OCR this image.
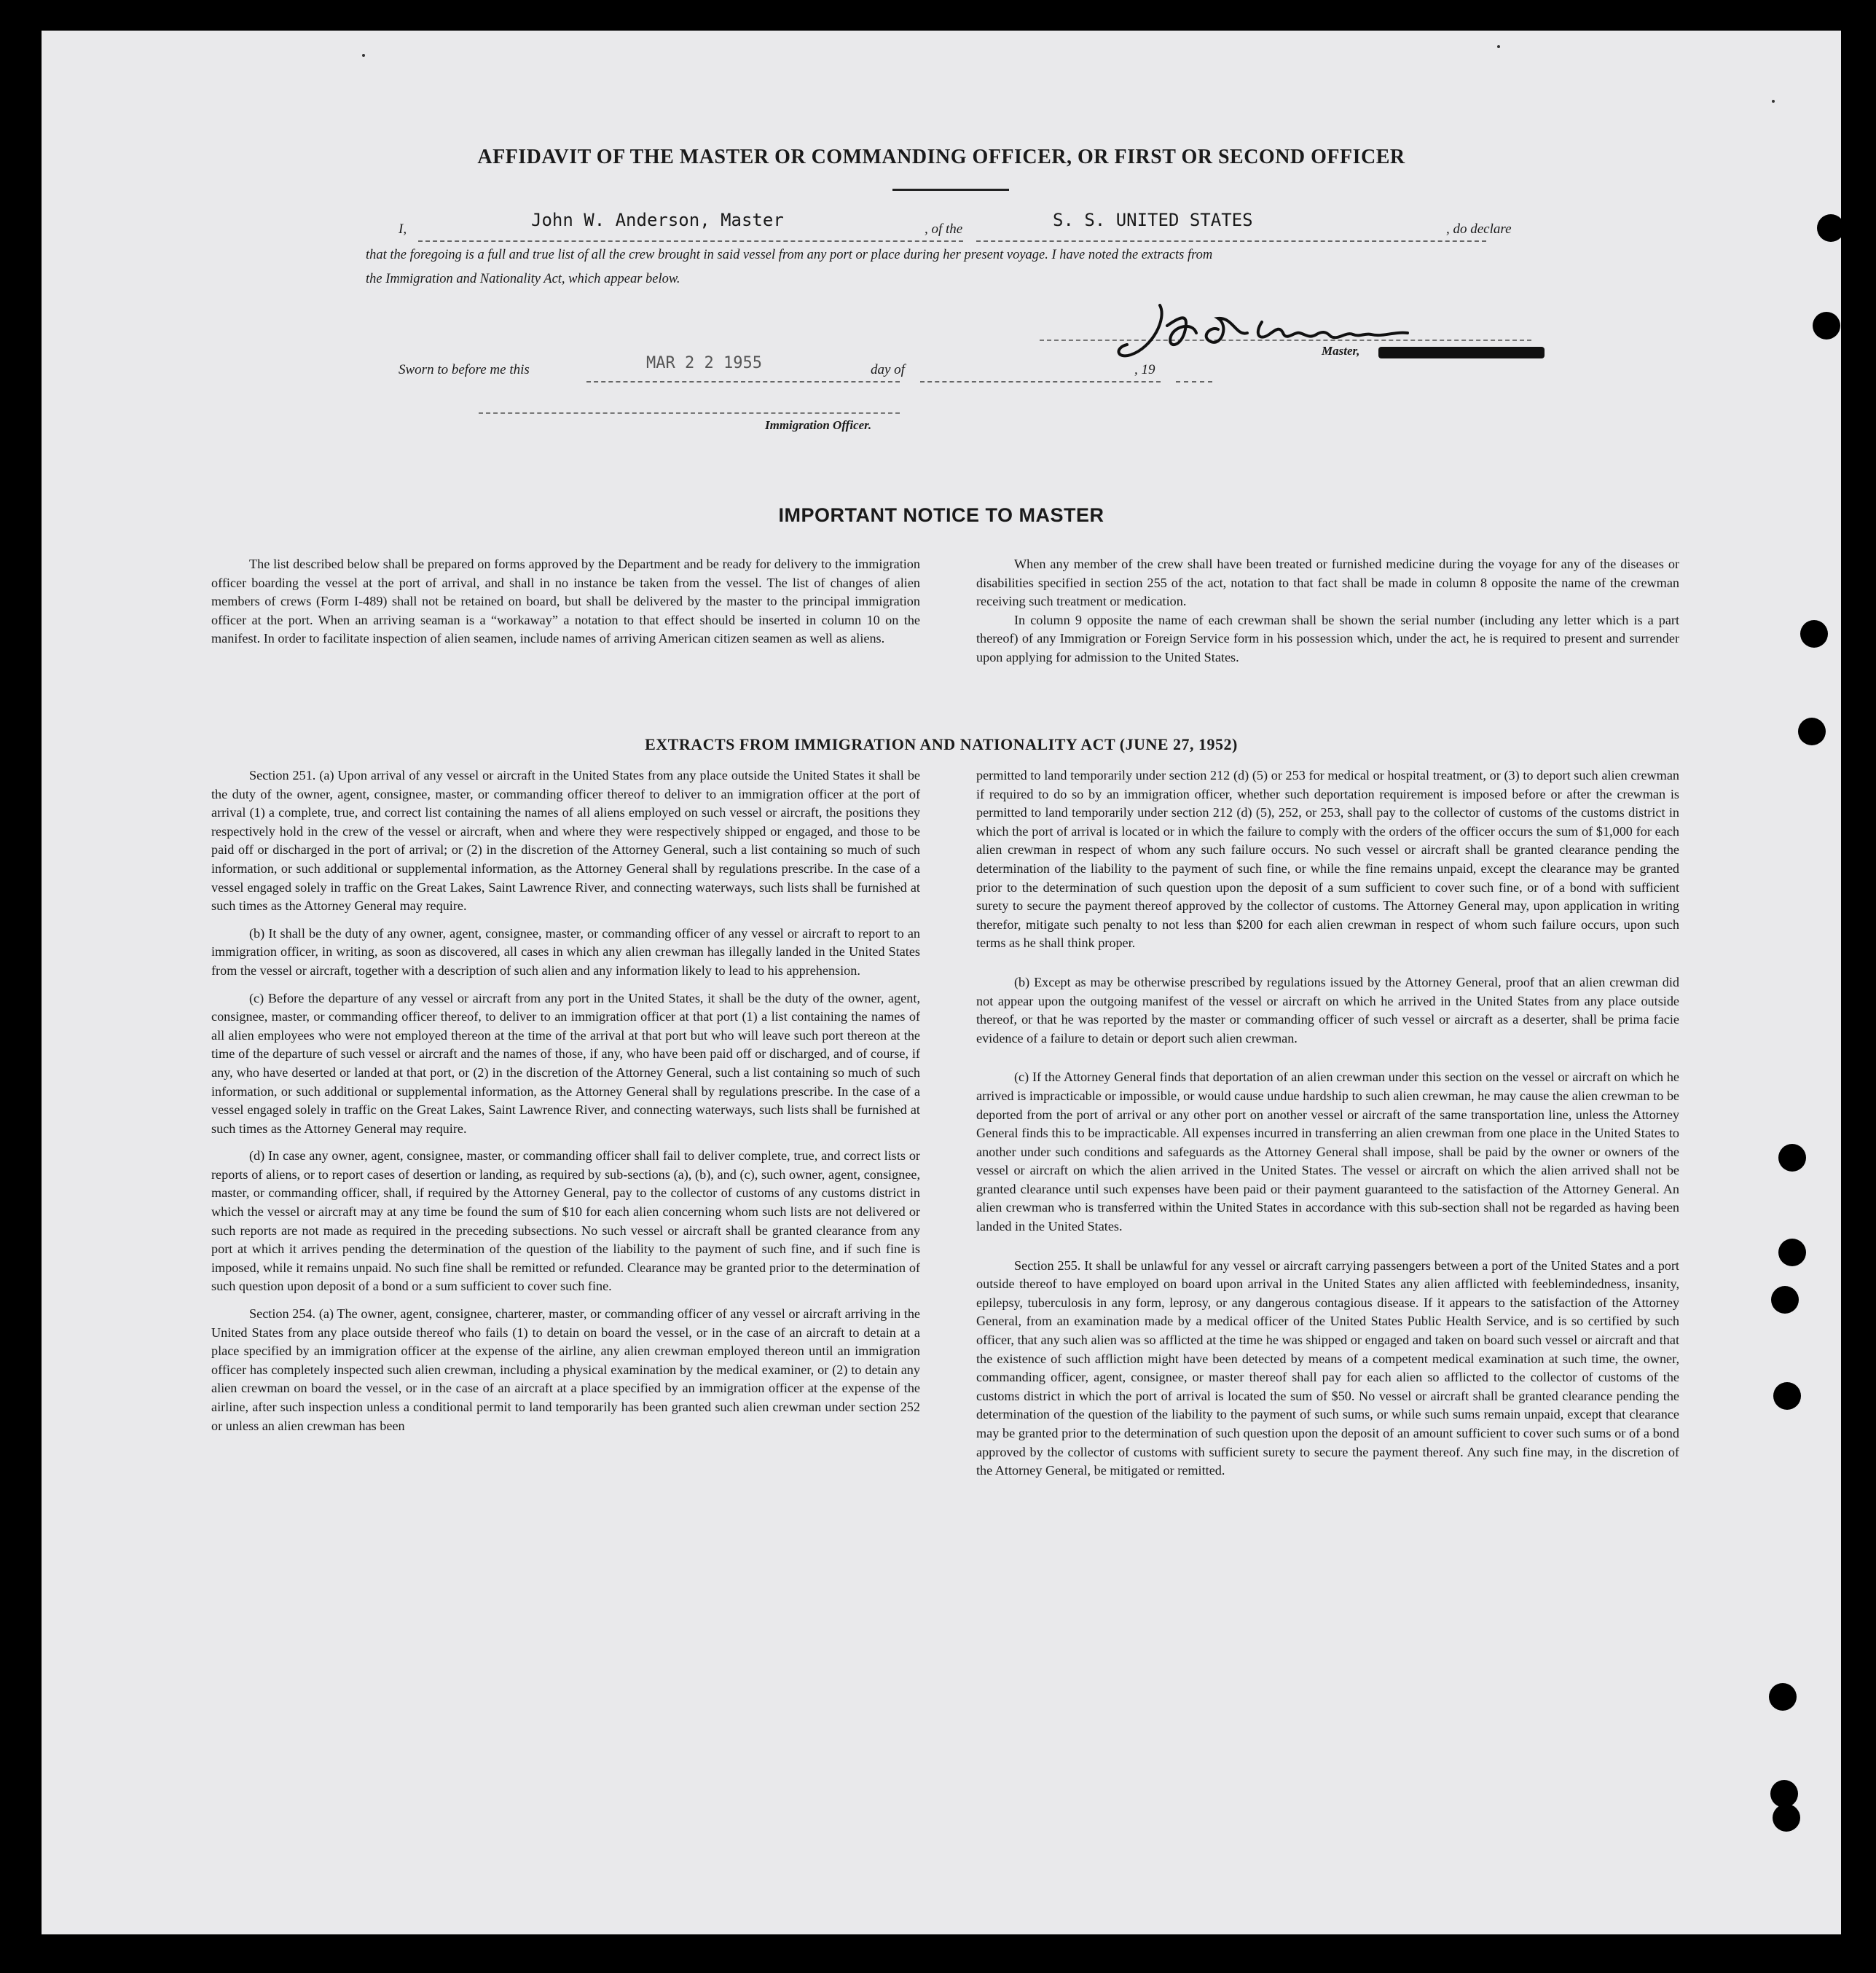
AFFIDAVIT OF THE MASTER OR COMMANDING OFFICER, OR FIRST OR SECOND OFFICER
I,	John W. Anderson, Master	, of the	S. S. UNITED STATES	, do declare
that the foregoing is a full and true list of all the crew brought in said vessel from any port or place during her present voyage. I have noted the extracts from
the Immigration and Nationality Act, which appear below.
Master,
Sworn to before me this	MAR 2 2 1955	day of	, 19
Immigration Officer.
IMPORTANT NOTICE TO MASTER

The list described below shall be prepared on forms approved by the Department and be ready for delivery to the immigration officer boarding the vessel at the port of arrival, and shall in no instance be taken from the vessel. The list of changes of alien members of crews (Form I-489) shall not be retained on board, but shall be delivered by the master to the principal immigration officer at the port. When an arriving seaman is a “workaway” a notation to that effect should be inserted in column 10 on the manifest. In order to facilitate inspection of alien seamen, include names of arriving American citizen seamen as well as aliens.

When any member of the crew shall have been treated or furnished medicine during the voyage for any of the diseases or disabilities specified in section 255 of the act, notation to that fact shall be made in column 8 opposite the name of the crewman receiving such treatment or medication.

In column 9 opposite the name of each crewman shall be shown the serial number (including any letter which is a part thereof) of any Immigration or Foreign Service form in his possession which, under the act, he is required to present and surrender upon applying for admission to the United States.

EXTRACTS FROM IMMIGRATION AND NATIONALITY ACT (JUNE 27, 1952)

Section 251. (a) Upon arrival of any vessel or aircraft in the United States from any place outside the United States it shall be the duty of the owner, agent, consignee, master, or commanding officer thereof to deliver to an immigration officer at the port of arrival (1) a complete, true, and correct list containing the names of all aliens employed on such vessel or aircraft, the positions they respectively hold in the crew of the vessel or aircraft, when and where they were respectively shipped or engaged, and those to be paid off or discharged in the port of arrival; or (2) in the discretion of the Attorney General, such a list containing so much of such information, or such additional or supplemental information, as the Attorney General shall by regulations prescribe. In the case of a vessel engaged solely in traffic on the Great Lakes, Saint Lawrence River, and connecting waterways, such lists shall be furnished at such times as the Attorney General may require.

(b) It shall be the duty of any owner, agent, consignee, master, or commanding officer of any vessel or aircraft to report to an immigration officer, in writing, as soon as discovered, all cases in which any alien crewman has illegally landed in the United States from the vessel or aircraft, together with a description of such alien and any information likely to lead to his apprehension.

(c) Before the departure of any vessel or aircraft from any port in the United States, it shall be the duty of the owner, agent, consignee, master, or commanding officer thereof, to deliver to an immigration officer at that port (1) a list containing the names of all alien employees who were not employed thereon at the time of the arrival at that port but who will leave such port thereon at the time of the departure of such vessel or aircraft and the names of those, if any, who have been paid off or discharged, and of course, if any, who have deserted or landed at that port, or (2) in the discretion of the Attorney General, such a list containing so much of such information, or such additional or supplemental information, as the Attorney General shall by regulations prescribe. In the case of a vessel engaged solely in traffic on the Great Lakes, Saint Lawrence River, and connecting waterways, such lists shall be furnished at such times as the Attorney General may require.

(d) In case any owner, agent, consignee, master, or commanding officer shall fail to deliver complete, true, and correct lists or reports of aliens, or to report cases of desertion or landing, as required by sub-sections (a), (b), and (c), such owner, agent, consignee, master, or commanding officer, shall, if required by the Attorney General, pay to the collector of customs of any customs district in which the vessel or aircraft may at any time be found the sum of $10 for each alien concerning whom such lists are not delivered or such reports are not made as required in the preceding subsections. No such vessel or aircraft shall be granted clearance from any port at which it arrives pending the determination of the question of the liability to the payment of such fine, and if such fine is imposed, while it remains unpaid. No such fine shall be remitted or refunded. Clearance may be granted prior to the determination of such question upon deposit of a bond or a sum sufficient to cover such fine.

Section 254. (a) The owner, agent, consignee, charterer, master, or commanding officer of any vessel or aircraft arriving in the United States from any place outside thereof who fails (1) to detain on board the vessel, or in the case of an aircraft to detain at a place specified by an immigration officer at the expense of the airline, any alien crewman employed thereon until an immigration officer has completely inspected such alien crewman, including a physical examination by the medical examiner, or (2) to detain any alien crewman on board the vessel, or in the case of an aircraft at a place specified by an immigration officer at the expense of the airline, after such inspection unless a conditional permit to land temporarily has been granted such alien crewman under section 252 or unless an alien crewman has been

permitted to land temporarily under section 212 (d) (5) or 253 for medical or hospital treatment, or (3) to deport such alien crewman if required to do so by an immigration officer, whether such deportation requirement is imposed before or after the crewman is permitted to land temporarily under section 212 (d) (5), 252, or 253, shall pay to the collector of customs of the customs district in which the port of arrival is located or in which the failure to comply with the orders of the officer occurs the sum of $1,000 for each alien crewman in respect of whom any such failure occurs. No such vessel or aircraft shall be granted clearance pending the determination of the liability to the payment of such fine, or while the fine remains unpaid, except the clearance may be granted prior to the determination of such question upon the deposit of a sum sufficient to cover such fine, or of a bond with sufficient surety to secure the payment thereof approved by the collector of customs. The Attorney General may, upon application in writing therefor, mitigate such penalty to not less than $200 for each alien crewman in respect of whom such failure occurs, upon such terms as he shall think proper.

(b) Except as may be otherwise prescribed by regulations issued by the Attorney General, proof that an alien crewman did not appear upon the outgoing manifest of the vessel or aircraft on which he arrived in the United States from any place outside thereof, or that he was reported by the master or commanding officer of such vessel or aircraft as a deserter, shall be prima facie evidence of a failure to detain or deport such alien crewman.

(c) If the Attorney General finds that deportation of an alien crewman under this section on the vessel or aircraft on which he arrived is impracticable or impossible, or would cause undue hardship to such alien crewman, he may cause the alien crewman to be deported from the port of arrival or any other port on another vessel or aircraft of the same transportation line, unless the Attorney General finds this to be impracticable. All expenses incurred in transferring an alien crewman from one place in the United States to another under such conditions and safeguards as the Attorney General shall impose, shall be paid by the owner or owners of the vessel or aircraft on which the alien arrived in the United States. The vessel or aircraft on which the alien arrived shall not be granted clearance until such expenses have been paid or their payment guaranteed to the satisfaction of the Attorney General. An alien crewman who is transferred within the United States in accordance with this sub-section shall not be regarded as having been landed in the United States.

Section 255. It shall be unlawful for any vessel or aircraft carrying passengers between a port of the United States and a port outside thereof to have employed on board upon arrival in the United States any alien afflicted with feeblemindedness, insanity, epilepsy, tuberculosis in any form, leprosy, or any dangerous contagious disease. If it appears to the satisfaction of the Attorney General, from an examination made by a medical officer of the United States Public Health Service, and is so certified by such officer, that any such alien was so afflicted at the time he was shipped or engaged and taken on board such vessel or aircraft and that the existence of such affliction might have been detected by means of a competent medical examination at such time, the owner, commanding officer, agent, consignee, or master thereof shall pay for each alien so afflicted to the collector of customs of the customs district in which the port of arrival is located the sum of $50. No vessel or aircraft shall be granted clearance pending the determination of the question of the liability to the payment of such sums, or while such sums remain unpaid, except that clearance may be granted prior to the determination of such question upon the deposit of an amount sufficient to cover such sums or of a bond approved by the collector of customs with sufficient surety to secure the payment thereof. Any such fine may, in the discretion of the Attorney General, be mitigated or remitted.
